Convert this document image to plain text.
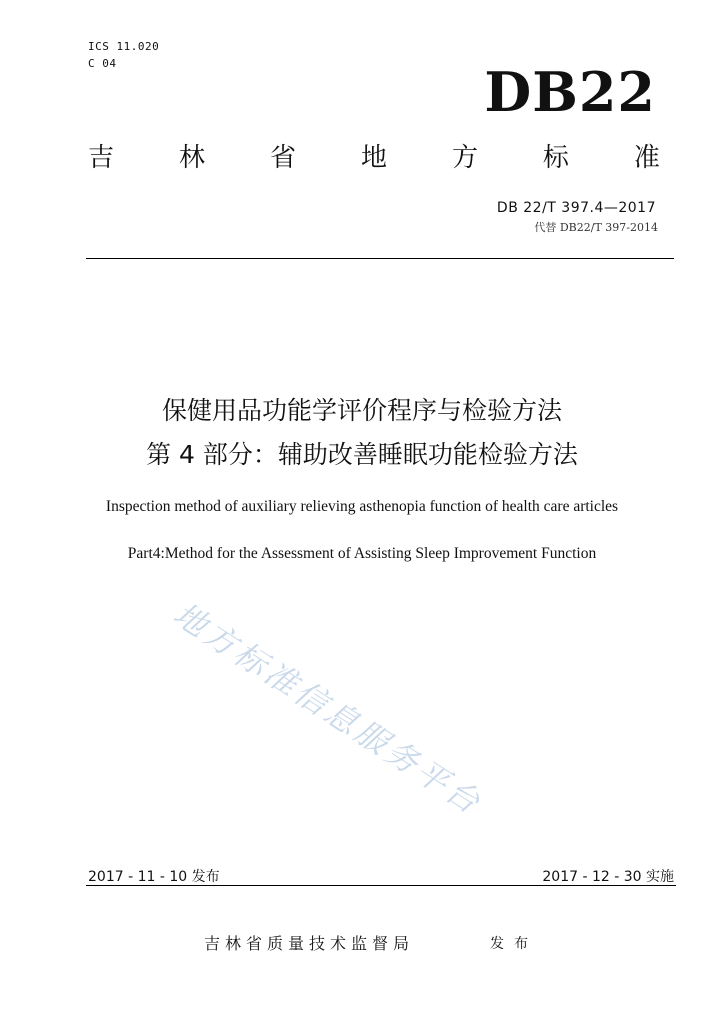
ICS 11.020
C 04	DB22
吉 林 省 地 方 标 准
DB 22/T 397.4—2017
代替 DB22/T 397-2014
保健用品功能学评价程序与检验方法
第 4 部分：辅助改善睡眠功能检验方法
Inspection method of auxiliary relieving asthenopia function of health care articles
Part4:Method for the Assessment of Assisting Sleep Improvement Function
地方标准信息服务平台
2017 - 11 - 10 发布	2017 - 12 - 30 实施
吉林省质量技术监督局	发布
